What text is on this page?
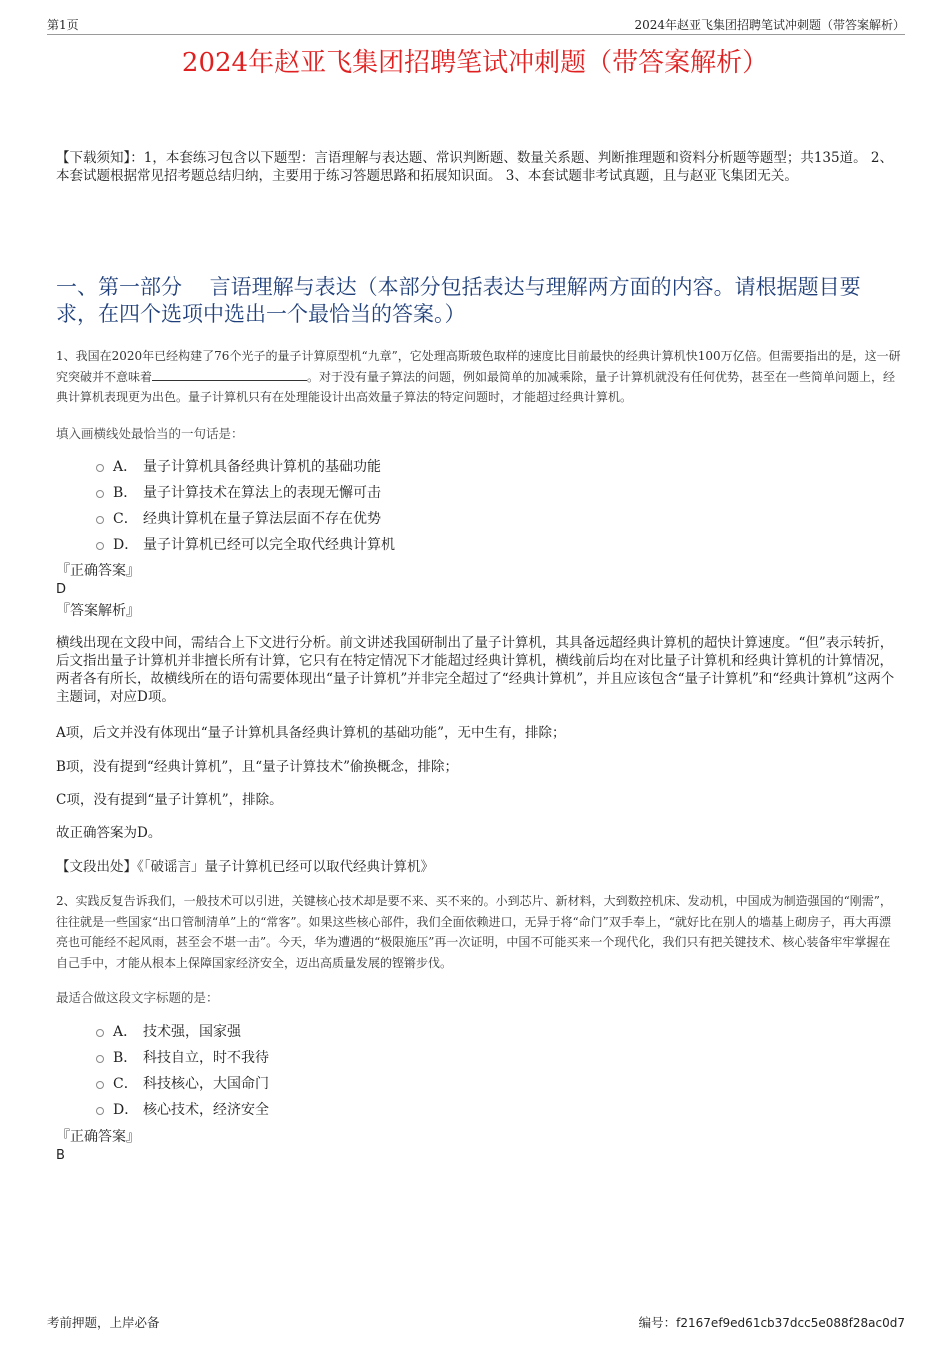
第1页	2024年赵亚飞集团招聘笔试冲刺题（带答案解析）
2024年赵亚飞集团招聘笔试冲刺题（带答案解析）
【下载须知】：1，本套练习包含以下题型：言语理解与表达题、常识判断题、数量关系题、判断推理题和资料分析题等题型；共135道。 2、本套试题根据常见招考题总结归纳，主要用于练习答题思路和拓展知识面。 3、本套试题非考试真题，且与赵亚飞集团无关。
一、第一部分　 言语理解与表达（本部分包括表达与理解两方面的内容。请根据题目要求，在四个选项中选出一个最恰当的答案。）
1、我国在2020年已经构建了76个光子的量子计算原型机“九章”，它处理高斯玻色取样的速度比目前最快的经典计算机快100万亿倍。但需要指出的是，这一研究突破并不意味着	。对于没有量子算法的问题，例如最简单的加减乘除，量子计算机就没有任何优势，甚至在一些简单问题上，经典计算机表现更为出色。量子计算机只有在处理能设计出高效量子算法的特定问题时，才能超过经典计算机。
填入画横线处最恰当的一句话是：
A． 量子计算机具备经典计算机的基础功能
B． 量子计算技术在算法上的表现无懈可击
C． 经典计算机在量子算法层面不存在优势
D． 量子计算机已经可以完全取代经典计算机
『正确答案』
D
『答案解析』
横线出现在文段中间，需结合上下文进行分析。前文讲述我国研制出了量子计算机，其具备远超经典计算机的超快计算速度。“但”表示转折，后文指出量子计算机并非擅长所有计算，它只有在特定情况下才能超过经典计算机，横线前后均在对比量子计算机和经典计算机的计算情况，两者各有所长，故横线所在的语句需要体现出“量子计算机”并非完全超过了“经典计算机”，并且应该包含“量子计算机”和“经典计算机”这两个主题词，对应D项。
A项，后文并没有体现出“量子计算机具备经典计算机的基础功能”，无中生有，排除；
B项，没有提到“经典计算机”，且“量子计算技术”偷换概念，排除；
C项，没有提到“量子计算机”，排除。
故正确答案为D。
【文段出处】《「破谣言」量子计算机已经可以取代经典计算机》
2、实践反复告诉我们，一般技术可以引进，关键核心技术却是要不来、买不来的。小到芯片、新材料，大到数控机床、发动机，中国成为制造强国的“刚需”，往往就是一些国家“出口管制清单”上的“常客”。如果这些核心部件，我们全面依赖进口，无异于将“命门”双手奉上，“就好比在别人的墙基上砌房子，再大再漂亮也可能经不起风雨，甚至会不堪一击”。今天，华为遭遇的“极限施压”再一次证明，中国不可能买来一个现代化，我们只有把关键技术、核心装备牢牢掌握在自己手中，才能从根本上保障国家经济安全，迈出高质量发展的铿锵步伐。
最适合做这段文字标题的是：
A． 技术强，国家强
B． 科技自立，时不我待
C． 科技核心，大国命门
D． 核心技术，经济安全
『正确答案』
B
考前押题，上岸必备	编号：f2167ef9ed61cb37dcc5e088f28ac0d7
